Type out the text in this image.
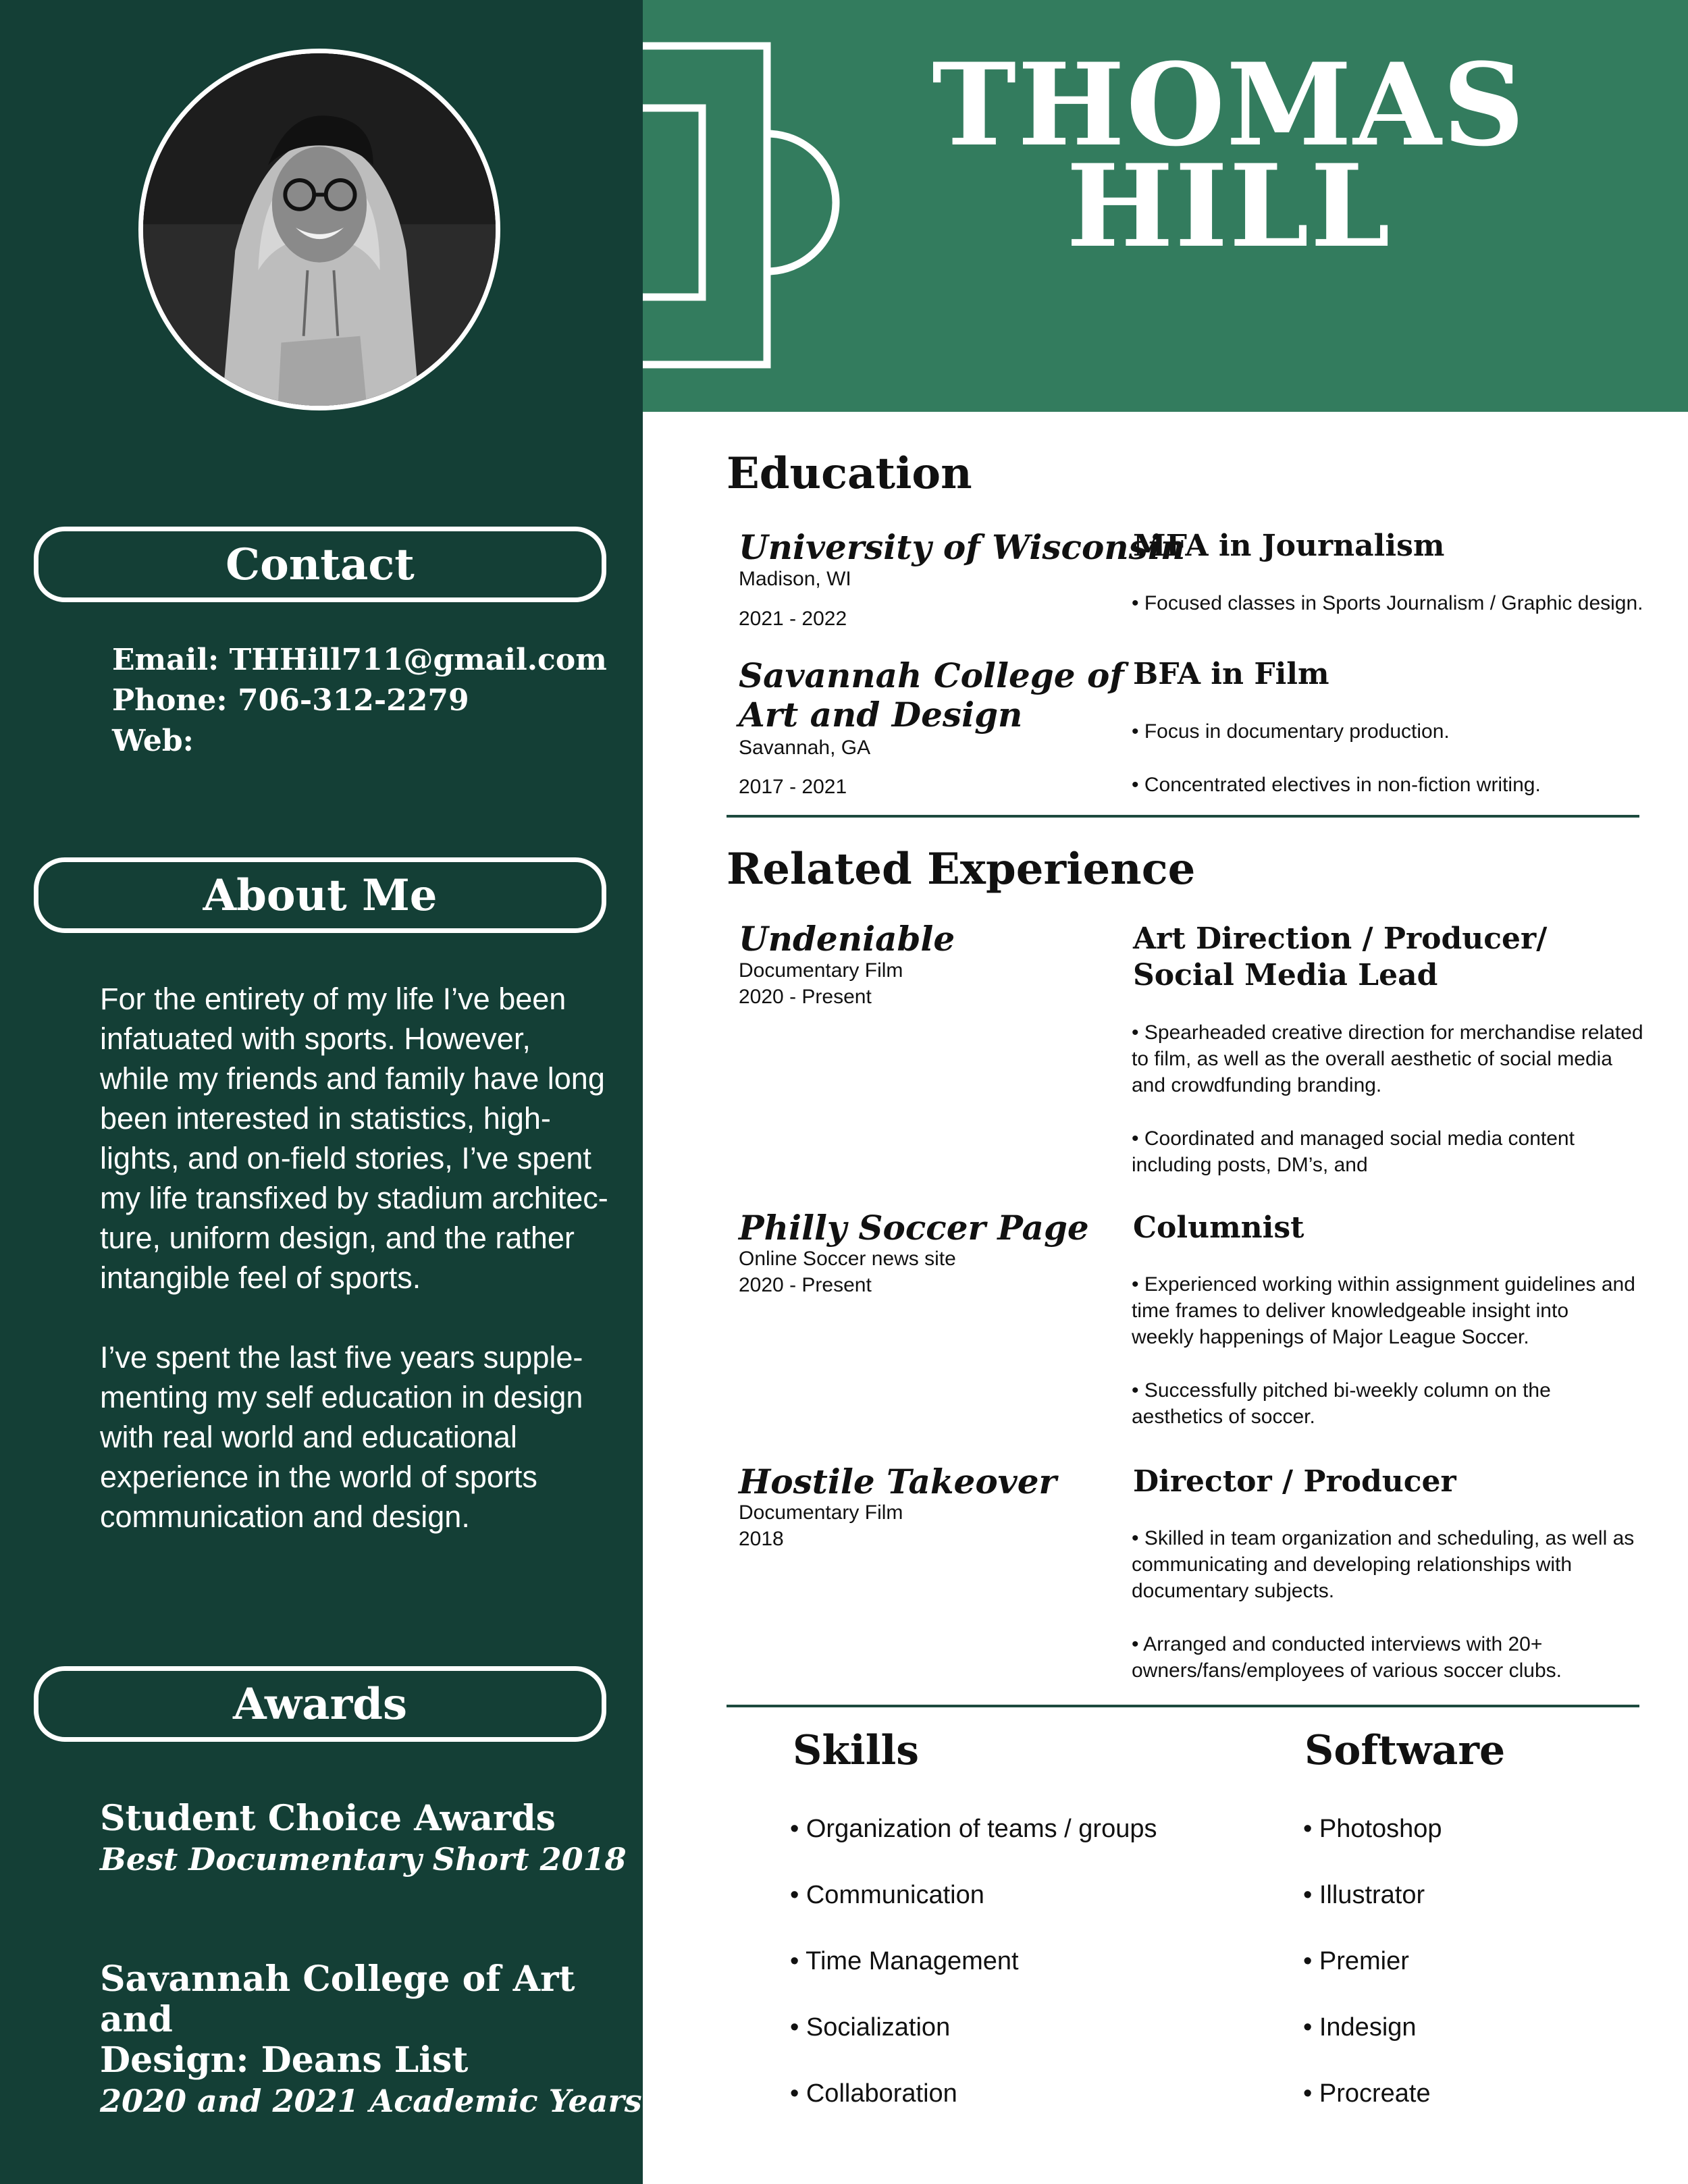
Contact
Email: THHill711@gmail.com
Phone: 706-312-2279
Web:
About Me

For the entirety of my life I’ve been
infatuated with sports. However,
while my friends and family have long
been interested in statistics, high-
lights, and on-field stories, I’ve spent
my life transfixed by stadium architec-
ture, uniform design, and the rather
intangible feel of sports.

I’ve spent the last five years supple-
menting my self education in design
with real world and educational
experience in the world of sports
communication and design.

Awards
Student Choice Awards
Best Documentary Short 2018
Savannah College of Art and
Design: Deans List
2020 and 2021 Academic Years
THOMAS
HILL
Education
University of Wisconsin
Madison, WI
2021 - 2022
MFA in Journalism
• Focused classes in Sports Journalism / Graphic design.
Savannah College of
Art and Design
Savannah, GA
2017 - 2021
BFA in Film
• Focus in documentary production.
• Concentrated electives in non-fiction writing.
Related Experience
Undeniable
Documentary Film
2020 - Present
Art Direction / Producer/
Social Media Lead
• Spearheaded creative direction for merchandise related
to film, as well as the overall aesthetic of social media
and crowdfunding branding.
• Coordinated and managed social media content
including posts, DM’s, and
Philly Soccer Page
Online Soccer news site
2020 - Present
Columnist
• Experienced working within assignment guidelines and
time frames to deliver knowledgeable insight into
weekly happenings of Major League Soccer.
• Successfully pitched bi-weekly column on the
aesthetics of soccer.
Hostile Takeover
Documentary Film
2018
Director / Producer
• Skilled in team organization and scheduling, as well as
communicating and developing relationships with
documentary subjects.
• Arranged and conducted interviews with 20+
owners/fans/employees of various soccer clubs.
Skills
• Organization of teams / groups
• Communication
• Time Management
• Socialization
• Collaboration
Software
• Photoshop
• Illustrator
• Premier
• Indesign
• Procreate
